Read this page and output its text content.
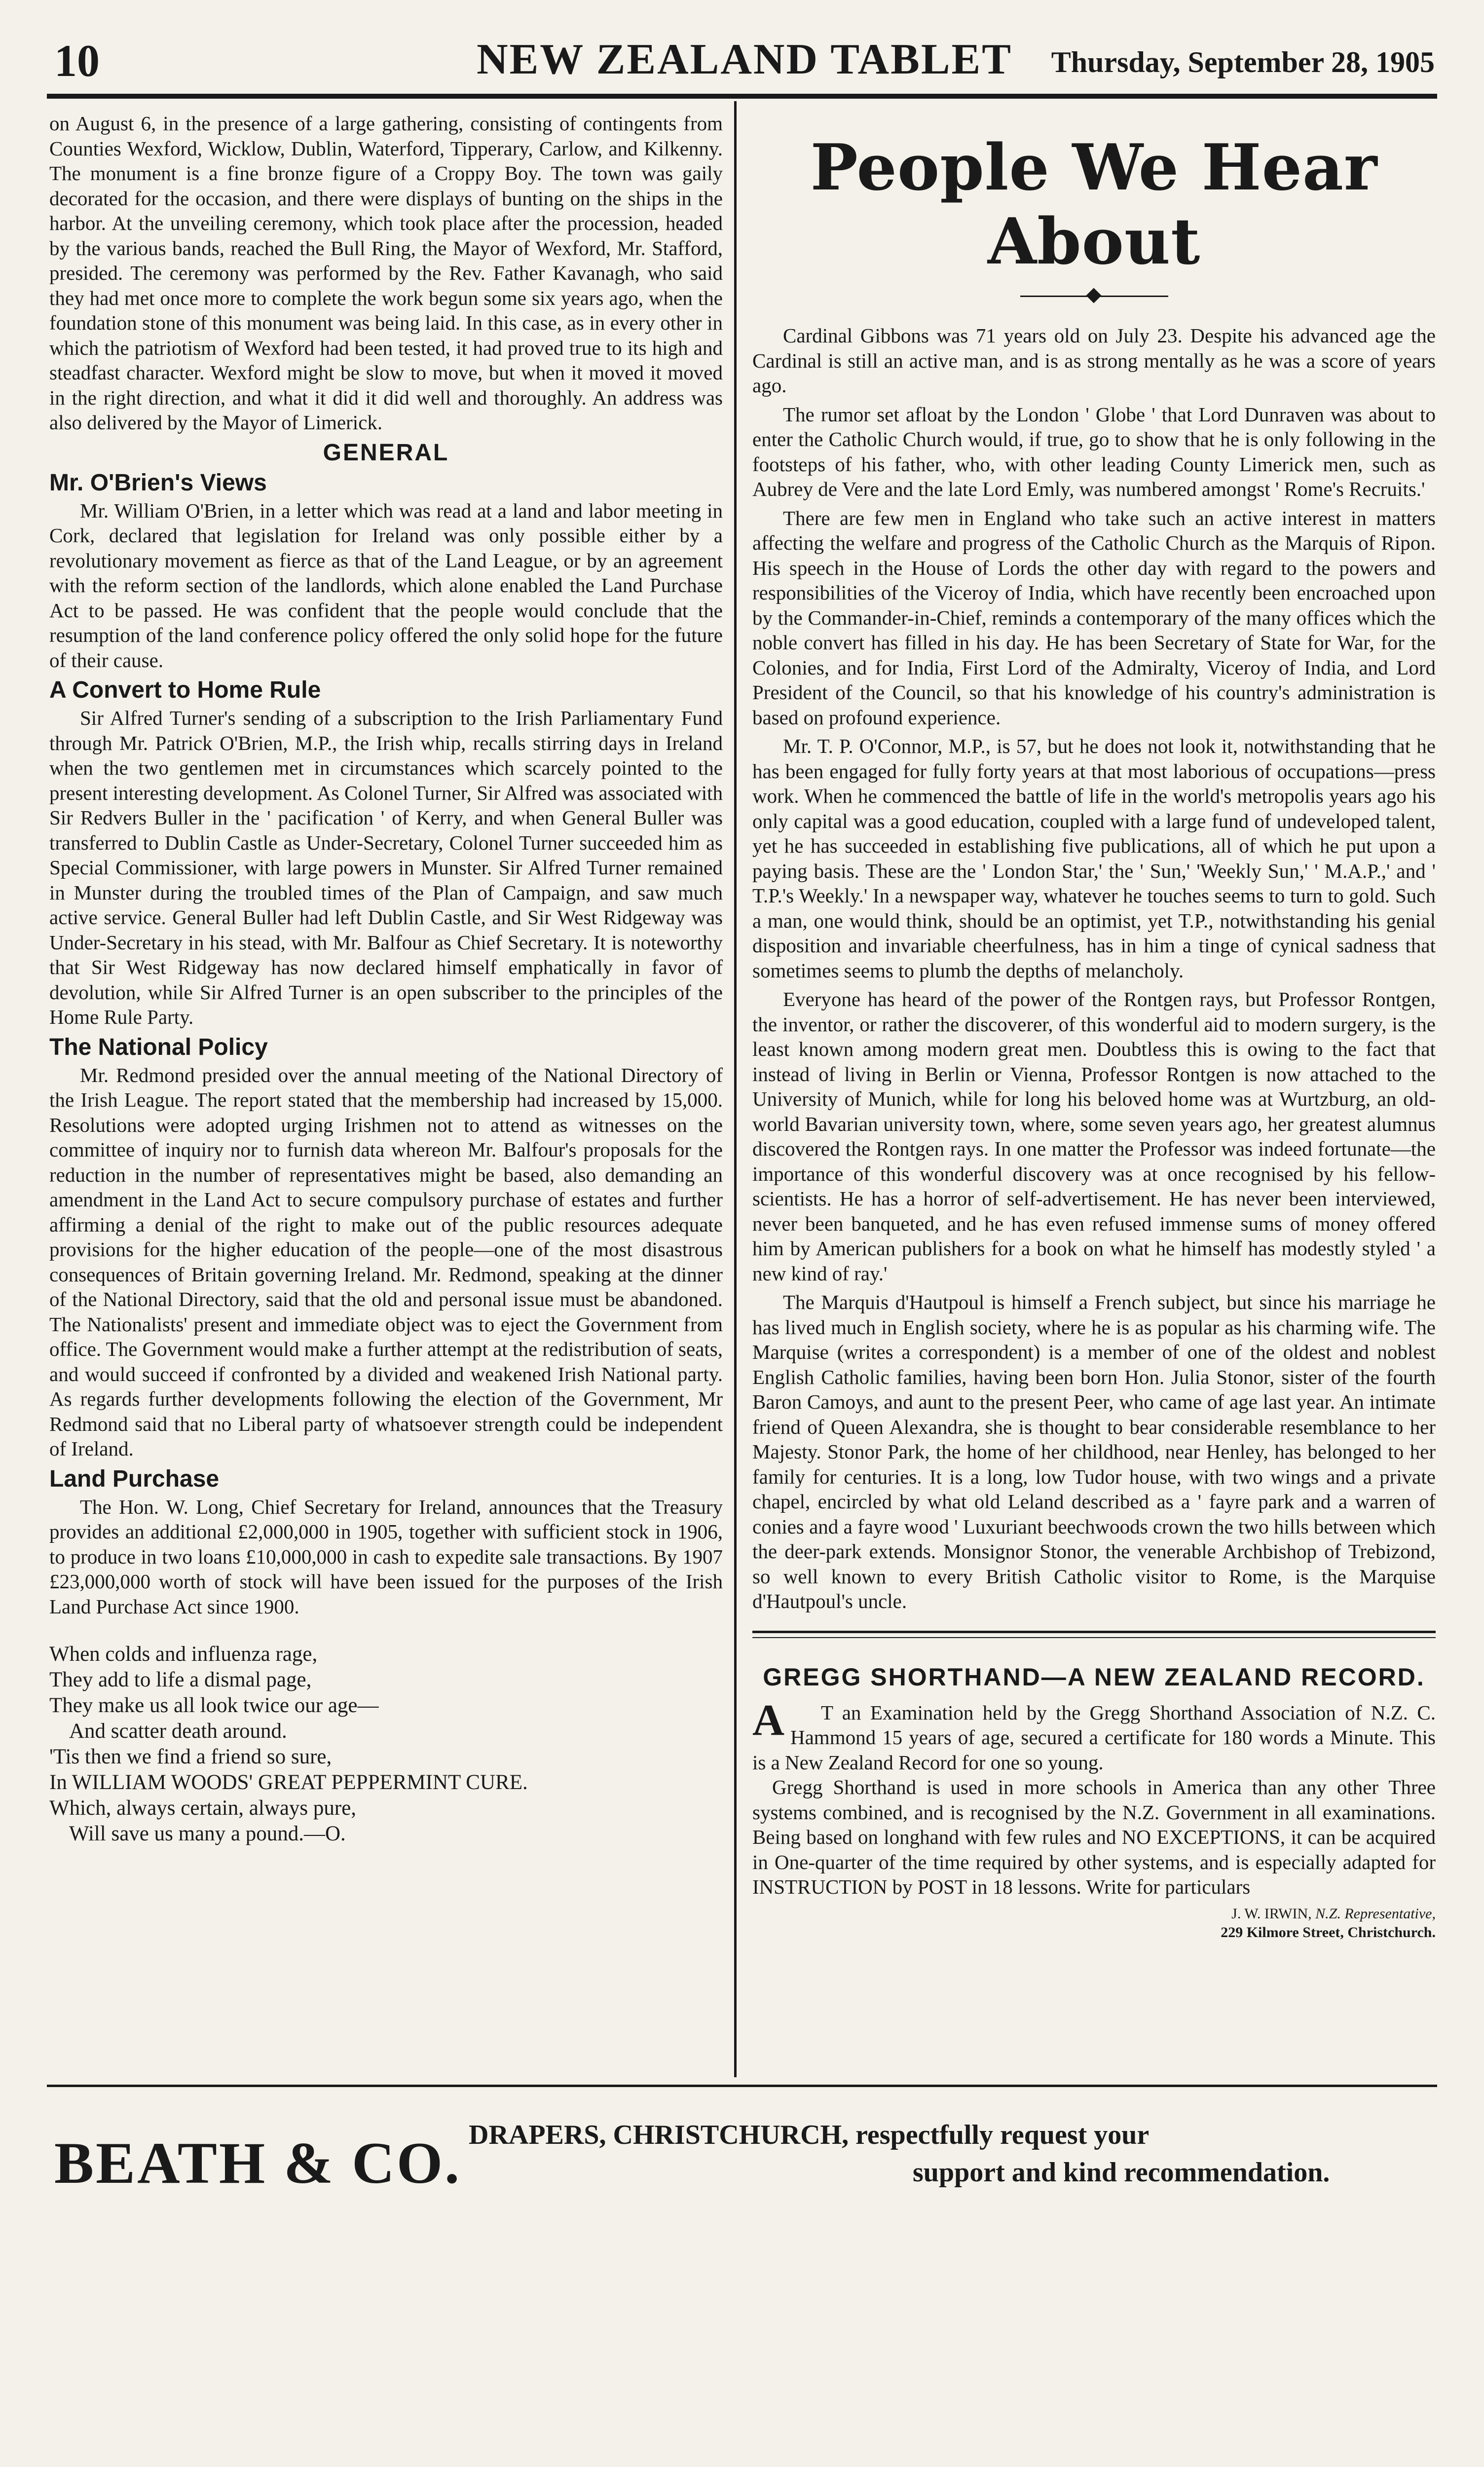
10	NEW ZEALAND TABLET	Thursday, September 28, 1905

on August 6, in the presence of a large gathering, consisting of contingents from Counties Wexford, Wicklow, Dublin, Waterford, Tipperary, Carlow, and Kilkenny. The monument is a fine bronze figure of a Croppy Boy. The town was gaily decorated for the occasion, and there were displays of bunting on the ships in the harbor. At the unveiling ceremony, which took place after the procession, headed by the various bands, reached the Bull Ring, the Mayor of Wexford, Mr. Stafford, presided. The ceremony was performed by the Rev. Father Kavanagh, who said they had met once more to complete the work begun some six years ago, when the foundation stone of this monument was being laid. In this case, as in every other in which the patriotism of Wexford had been tested, it had proved true to its high and steadfast character. Wexford might be slow to move, but when it moved it moved in the right direction, and what it did it did well and thoroughly. An address was also delivered by the Mayor of Limerick.

GENERAL
Mr. O'Brien's Views

Mr. William O'Brien, in a letter which was read at a land and labor meeting in Cork, declared that legislation for Ireland was only possible either by a revolutionary movement as fierce as that of the Land League, or by an agreement with the reform section of the landlords, which alone enabled the Land Purchase Act to be passed. He was confident that the people would conclude that the resumption of the land conference policy offered the only solid hope for the future of their cause.

A Convert to Home Rule

Sir Alfred Turner's sending of a subscription to the Irish Parliamentary Fund through Mr. Patrick O'Brien, M.P., the Irish whip, recalls stirring days in Ireland when the two gentlemen met in circumstances which scarcely pointed to the present interesting development. As Colonel Turner, Sir Alfred was associated with Sir Redvers Buller in the ' pacification ' of Kerry, and when General Buller was transferred to Dublin Castle as Under-Secretary, Colonel Turner succeeded him as Special Commissioner, with large powers in Munster. Sir Alfred Turner remained in Munster during the troubled times of the Plan of Campaign, and saw much active service. General Buller had left Dublin Castle, and Sir West Ridgeway was Under-Secretary in his stead, with Mr. Balfour as Chief Secretary. It is noteworthy that Sir West Ridgeway has now declared himself emphatically in favor of devolution, while Sir Alfred Turner is an open subscriber to the principles of the Home Rule Party.

The National Policy

Mr. Redmond presided over the annual meeting of the National Directory of the Irish League. The report stated that the membership had increased by 15,000. Resolutions were adopted urging Irishmen not to attend as witnesses on the committee of inquiry nor to furnish data whereon Mr. Balfour's proposals for the reduction in the number of representatives might be based, also demanding an amendment in the Land Act to secure compulsory purchase of estates and further affirming a denial of the right to make out of the public resources adequate provisions for the higher education of the people—one of the most disastrous consequences of Britain governing Ireland. Mr. Redmond, speaking at the dinner of the National Directory, said that the old and personal issue must be abandoned. The Nationalists' present and immediate object was to eject the Government from office. The Government would make a further attempt at the redistribution of seats, and would succeed if confronted by a divided and weakened Irish National party. As regards further developments following the election of the Government, Mr Redmond said that no Liberal party of whatsoever strength could be independent of Ireland.

Land Purchase

The Hon. W. Long, Chief Secretary for Ireland, announces that the Treasury provides an additional £2,000,000 in 1905, together with sufficient stock in 1906, to produce in two loans £10,000,000 in cash to expedite sale transactions. By 1907 £23,000,000 worth of stock will have been issued for the purposes of the Irish Land Purchase Act since 1900.

When colds and influenza rage,
They add to life a dismal page,
They make us all look twice our age—
And scatter death around.
'Tis then we find a friend so sure,
In WILLIAM WOODS' GREAT PEPPERMINT CURE.
Which, always certain, always pure,
Will save us many a pound.—O.
People We Hear About

Cardinal Gibbons was 71 years old on July 23. Despite his advanced age the Cardinal is still an active man, and is as strong mentally as he was a score of years ago.

The rumor set afloat by the London ' Globe ' that Lord Dunraven was about to enter the Catholic Church would, if true, go to show that he is only following in the footsteps of his father, who, with other leading County Limerick men, such as Aubrey de Vere and the late Lord Emly, was numbered amongst ' Rome's Recruits.'

There are few men in England who take such an active interest in matters affecting the welfare and progress of the Catholic Church as the Marquis of Ripon. His speech in the House of Lords the other day with regard to the powers and responsibilities of the Viceroy of India, which have recently been encroached upon by the Commander-in-Chief, reminds a contemporary of the many offices which the noble convert has filled in his day. He has been Secretary of State for War, for the Colonies, and for India, First Lord of the Admiralty, Viceroy of India, and Lord President of the Council, so that his knowledge of his country's administration is based on profound experience.

Mr. T. P. O'Connor, M.P., is 57, but he does not look it, notwithstanding that he has been engaged for fully forty years at that most laborious of occupations—press work. When he commenced the battle of life in the world's metropolis years ago his only capital was a good education, coupled with a large fund of undeveloped talent, yet he has succeeded in establishing five publications, all of which he put upon a paying basis. These are the ' London Star,' the ' Sun,' 'Weekly Sun,' ' M.A.P.,' and ' T.P.'s Weekly.' In a newspaper way, whatever he touches seems to turn to gold. Such a man, one would think, should be an optimist, yet T.P., notwithstanding his genial disposition and invariable cheerfulness, has in him a tinge of cynical sadness that sometimes seems to plumb the depths of melancholy.

Everyone has heard of the power of the Rontgen rays, but Professor Rontgen, the inventor, or rather the discoverer, of this wonderful aid to modern surgery, is the least known among modern great men. Doubtless this is owing to the fact that instead of living in Berlin or Vienna, Professor Rontgen is now attached to the University of Munich, while for long his beloved home was at Wurtzburg, an old-world Bavarian university town, where, some seven years ago, her greatest alumnus discovered the Rontgen rays. In one matter the Professor was indeed fortunate—the importance of this wonderful discovery was at once recognised by his fellow-scientists. He has a horror of self-advertisement. He has never been interviewed, never been banqueted, and he has even refused immense sums of money offered him by American publishers for a book on what he himself has modestly styled ' a new kind of ray.'

The Marquis d'Hautpoul is himself a French subject, but since his marriage he has lived much in English society, where he is as popular as his charming wife. The Marquise (writes a correspondent) is a member of one of the oldest and noblest English Catholic families, having been born Hon. Julia Stonor, sister of the fourth Baron Camoys, and aunt to the present Peer, who came of age last year. An intimate friend of Queen Alexandra, she is thought to bear considerable resemblance to her Majesty. Stonor Park, the home of her childhood, near Henley, has belonged to her family for centuries. It is a long, low Tudor house, with two wings and a private chapel, encircled by what old Leland described as a ' fayre park and a warren of conies and a fayre wood ' Luxuriant beechwoods crown the two hills between which the deer-park extends. Monsignor Stonor, the venerable Archbishop of Trebizond, so well known to every British Catholic visitor to Rome, is the Marquise d'Hautpoul's uncle.

GREGG SHORTHAND—A NEW ZEALAND RECORD.
A	T an Examination held by the Gregg Shorthand Association of N.Z. C. Hammond 15 years of age, secured a certificate for 180 words a Minute. This is a New Zealand Record for one so young.

Gregg Shorthand is used in more schools in America than any other Three systems combined, and is recognised by the N.Z. Government in all examinations. Being based on longhand with few rules and NO EXCEPTIONS, it can be acquired in One-quarter of the time required by other systems, and is especially adapted for INSTRUCTION by POST in 18 lessons. Write for particulars

J. W. IRWIN, N.Z. Representative,
229 Kilmore Street, Christchurch.
BEATH & CO. DRAPERS, CHRISTCHURCH, respectfully request your
support and kind recommendation.
